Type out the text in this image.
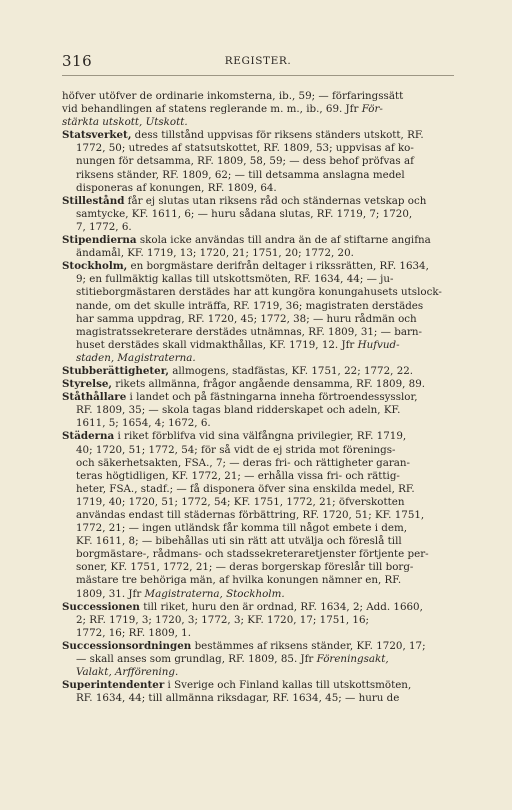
316	REGISTER.
höfver utöfver de ordinarie inkomsterna, ib., 59; — förfaringssätt
vid behandlingen af statens reglerande m. m., ib., 69. Jfr För-
stärkta utskott, Utskott.
Statsverket, dess tillstånd uppvisas för riksens ständers utskott, RF.
1772, 50; utredes af statsutskottet, RF. 1809, 53; uppvisas af ko-
nungen för detsamma, RF. 1809, 58, 59; — dess behof pröfvas af
riksens ständer, RF. 1809, 62; — till detsamma anslagna medel
disponeras af konungen, RF. 1809, 64.
Stillestånd får ej slutas utan riksens råd och ständernas vetskap och
samtycke, KF. 1611, 6; — huru sådana slutas, RF. 1719, 7; 1720,
7, 1772, 6.
Stipendierna skola icke användas till andra än de af stiftarne angifna
ändamål, KF. 1719, 13; 1720, 21; 1751, 20; 1772, 20.
Stockholm, en borgmästare derifrån deltager i rikssrätten, RF. 1634,
9; en fullmäktig kallas till utskottsmöten, RF. 1634, 44; — ju-
stitieborgmästaren derstädes har att kungöra konungahusets utslock-
nande, om det skulle inträffa, RF. 1719, 36; magistraten derstädes
har samma uppdrag, RF. 1720, 45; 1772, 38; — huru rådmän och
magistratssekreterare derstädes utnämnas, RF. 1809, 31; — barn-
huset derstädes skall vidmakthållas, KF. 1719, 12. Jfr Hufvud-
staden, Magistraterna.
Stubberättigheter, allmogens, stadfästas, KF. 1751, 22; 1772, 22.
Styrelse, rikets allmänna, frågor angående densamma, RF. 1809, 89.
Ståthållare i landet och på fästningarna inneha förtroendessysslor,
RF. 1809, 35; — skola tagas bland ridderskapet och adeln, KF.
1611, 5; 1654, 4; 1672, 6.
Städerna i riket förblifva vid sina välfångna privilegier, RF. 1719,
40; 1720, 51; 1772, 54; för så vidt de ej strida mot förenings-
och säkerhetsakten, FSA., 7; — deras fri- och rättigheter garan-
teras högtidligen, KF. 1772, 21; — erhålla vissa fri- och rättig-
heter, FSA., stadf.; — få disponera öfver sina enskilda medel, RF.
1719, 40; 1720, 51; 1772, 54; KF. 1751, 1772, 21; öfverskotten
användas endast till städernas förbättring, RF. 1720, 51; KF. 1751,
1772, 21; — ingen utländsk får komma till något embete i dem,
KF. 1611, 8; — bibehållas uti sin rätt att utvälja och föreslå till
borgmästare-, rådmans- och stadssekreteraretjenster förtjente per-
soner, KF. 1751, 1772, 21; — deras borgerskap föreslår till borg-
mästare tre behöriga män, af hvilka konungen nämner en, RF.
1809, 31. Jfr Magistraterna, Stockholm.
Successionen till riket, huru den är ordnad, RF. 1634, 2; Add. 1660,
2; RF. 1719, 3; 1720, 3; 1772, 3; KF. 1720, 17; 1751, 16;
1772, 16; RF. 1809, 1.
Successionsordningen bestämmes af riksens ständer, KF. 1720, 17;
— skall anses som grundlag, RF. 1809, 85. Jfr Föreningsakt,
Valakt, Arfförening.
Superintendenter i Sverige och Finland kallas till utskottsmöten,
RF. 1634, 44; till allmänna riksdagar, RF. 1634, 45; — huru de
